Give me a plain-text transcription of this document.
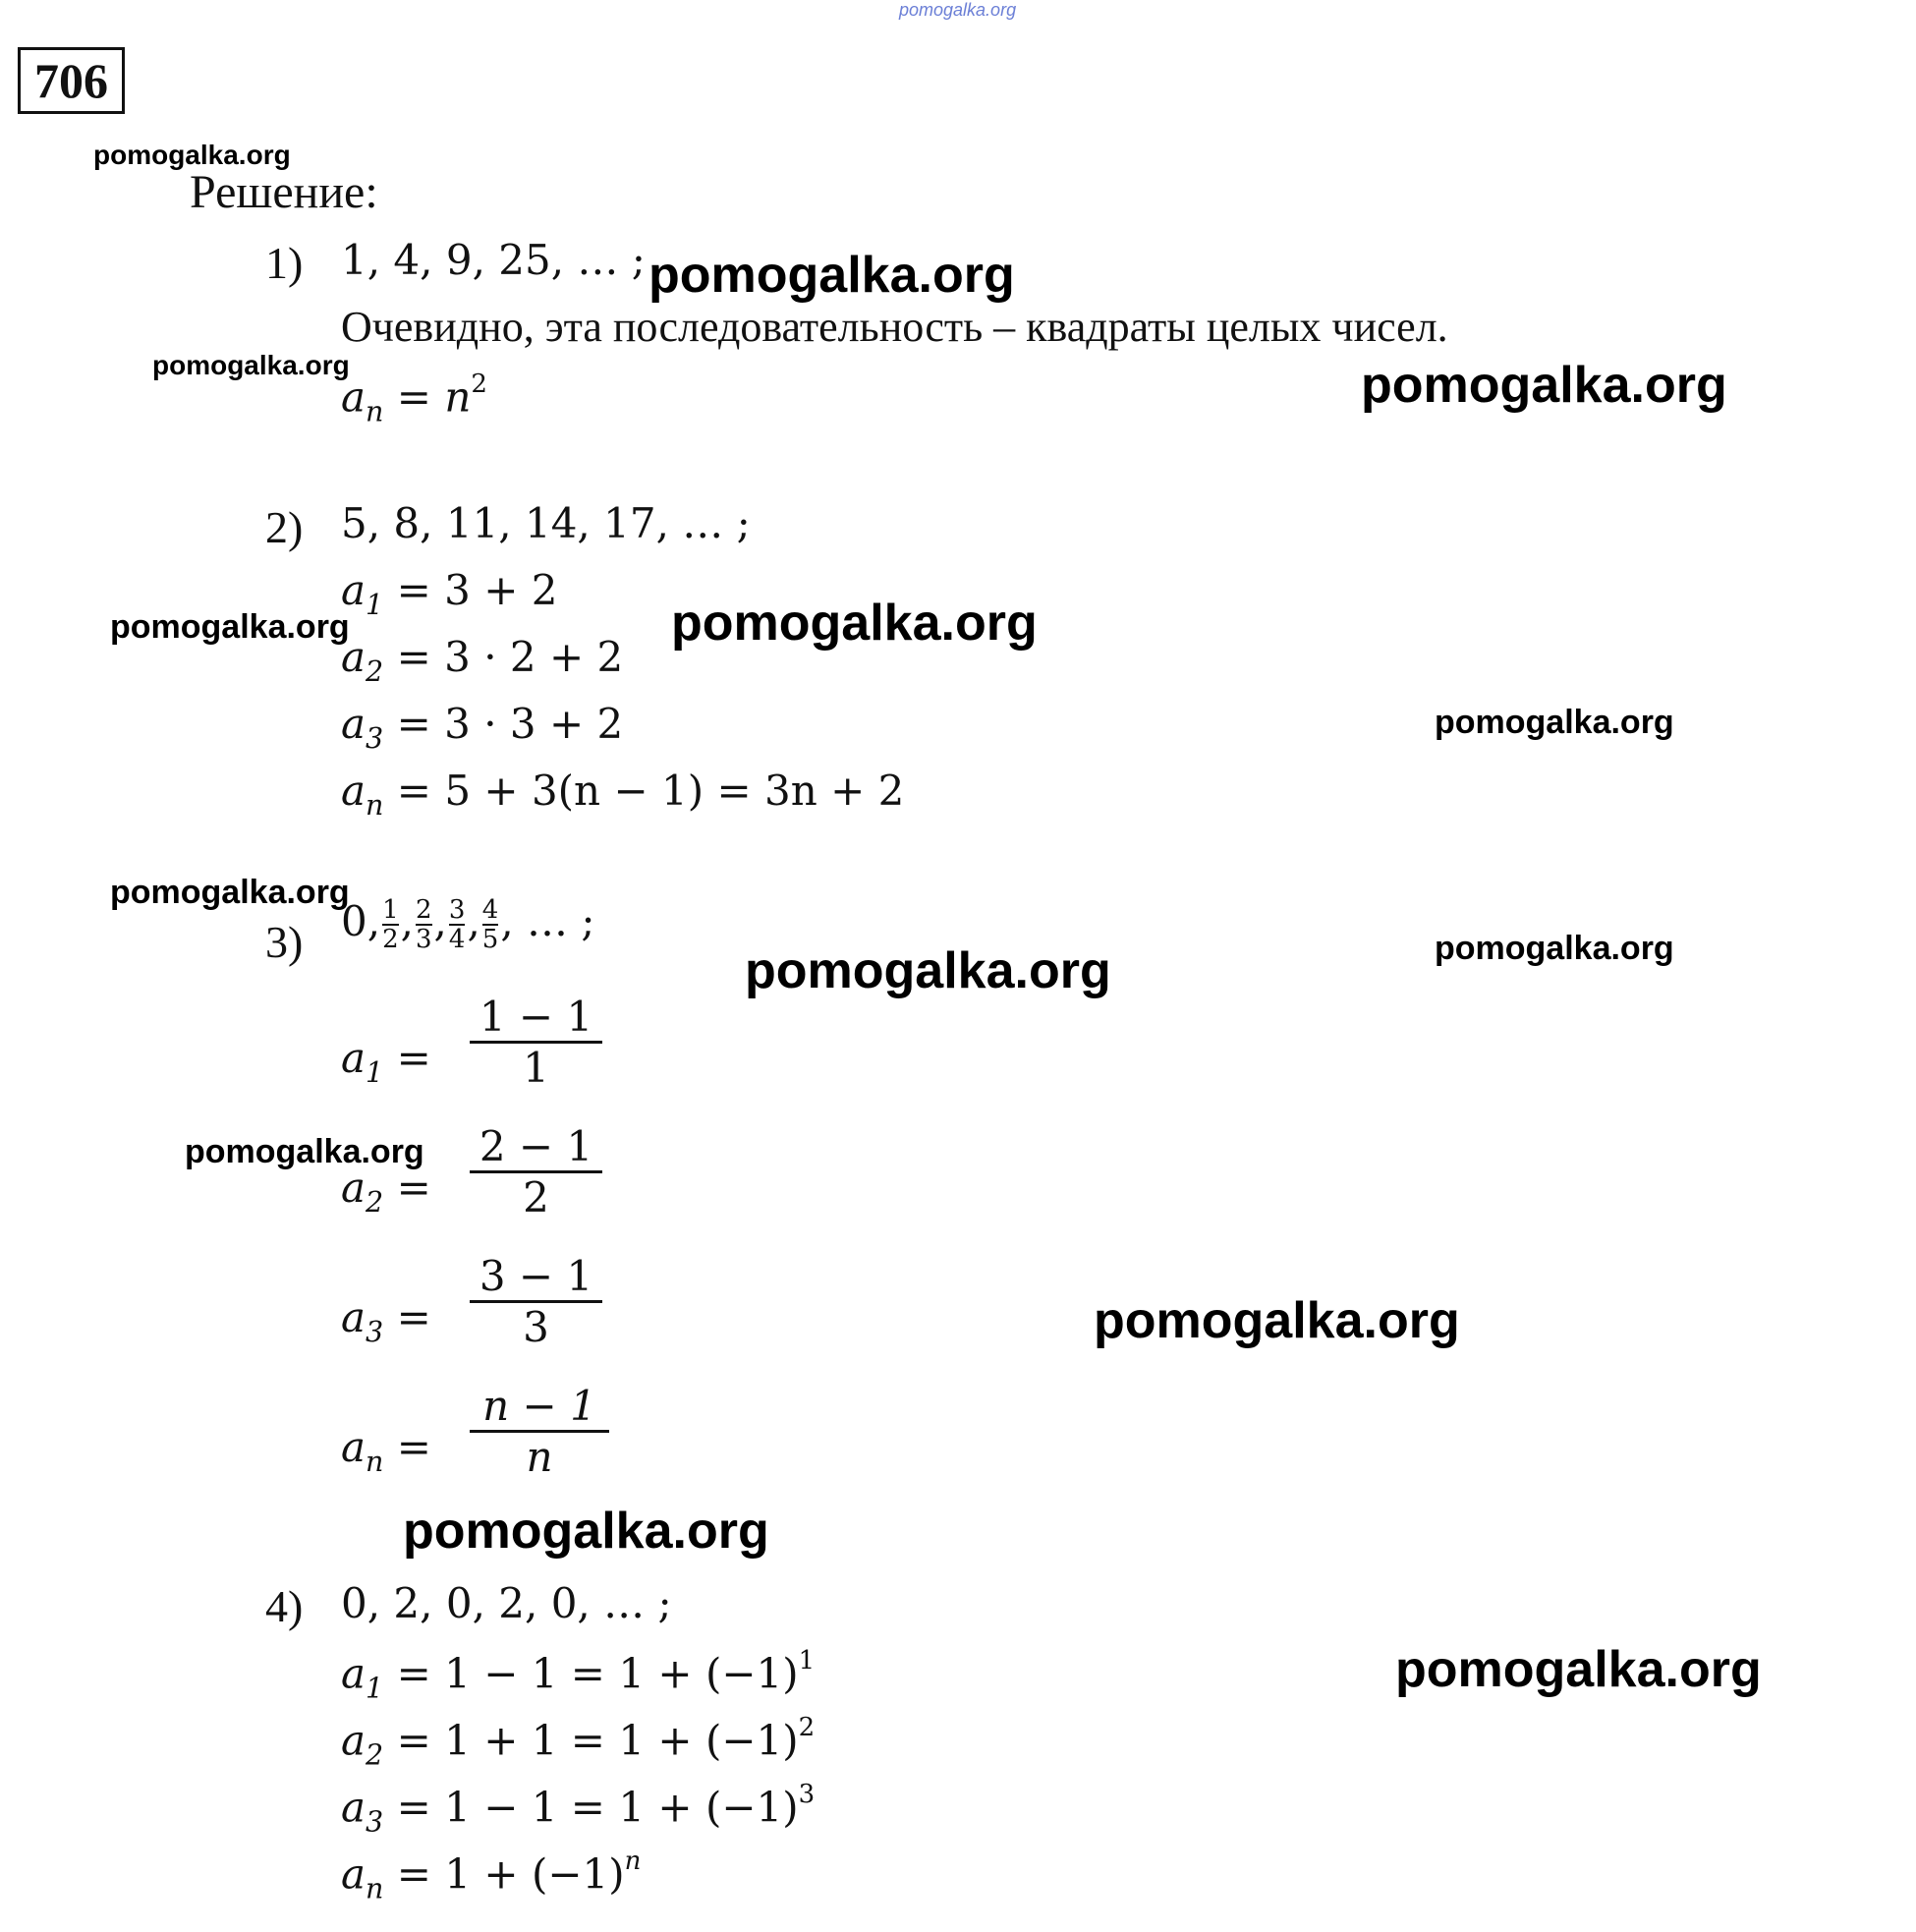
pomogalka.org
706
Решение:
1) 1, 4, 9, 25, … ;
Очевидно, эта последовательность – квадраты целых чисел.
$a_n = n^2$
2) 5, 8, 11, 14, 17, … ;
$a_1 = 3 + 2$
$a_2 = 3 \cdot 2 + 2$
$a_3 = 3 \cdot 3 + 2$
$a_n = 5 + 3(n - 1) = 3n + 2$
3) $0,\frac{1}{2},\frac{2}{3},\frac{3}{4},\frac{4}{5}$, … ;
$a_1$ =
1 − 1
1
$a_2$ =
2 − 1
2
$a_3$ =
3 − 1
3
$a_n$ =
n − 1
n
4) 0, 2, 0, 2, 0, … ;
$a_1 = 1 - 1 = 1 + (-1)^1$
$a_2 = 1 + 1 = 1 + (-1)^2$
$a_3 = 1 - 1 = 1 + (-1)^3$
$a_n = 1 + (-1)^n$
pomogalka.org
pomogalka.org
pomogalka.org	pomogalka.org
pomogalka.org	pomogalka.org
pomogalka.org
pomogalka.org
pomogalka.org
pomogalka.org
pomogalka.org
pomogalka.org
pomogalka.org
pomogalka.org
